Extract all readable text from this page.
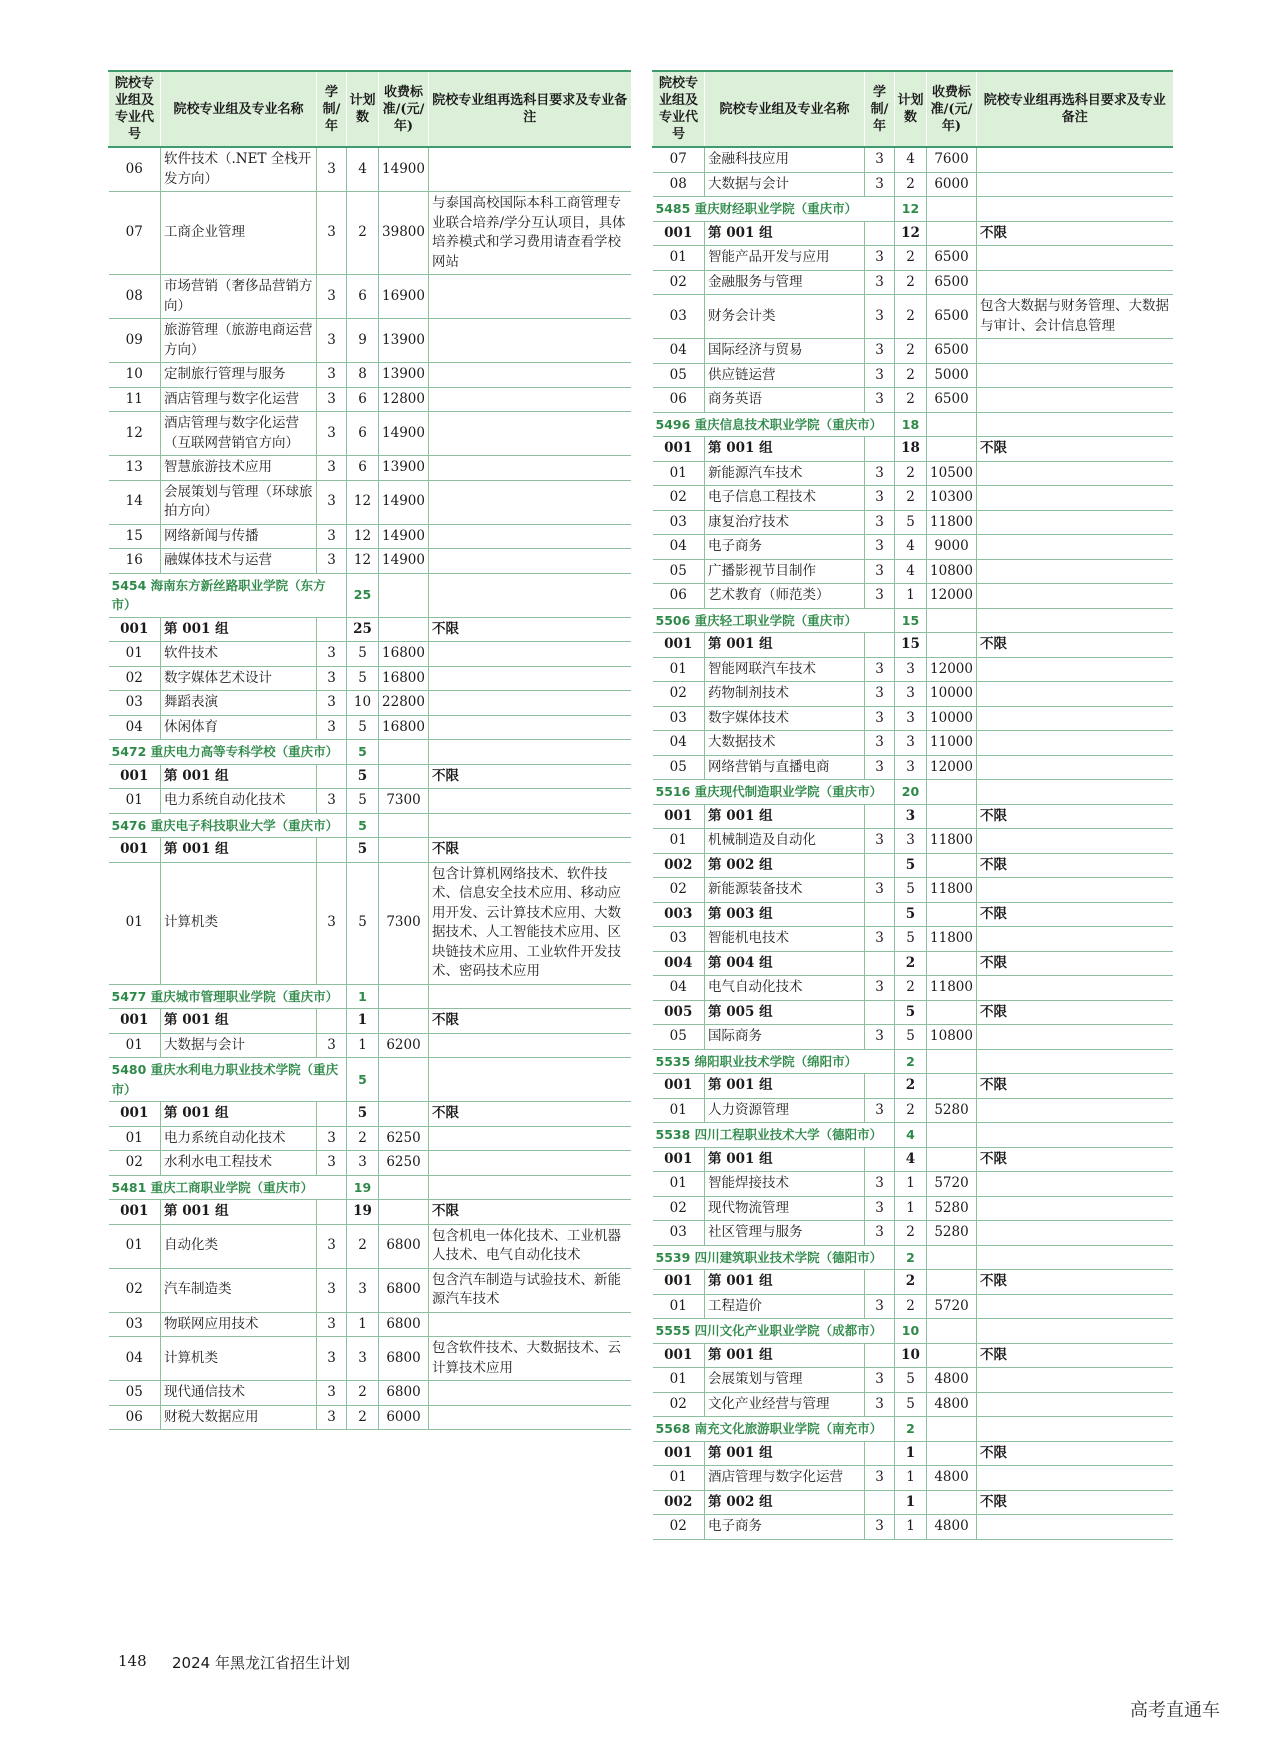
院校专业组及专业代号	院校专业组及专业名称	学制/年	计划数	收费标准/(元/年)	院校专业组再选科目要求及专业备注
06	软件技术（.NET 全栈开发方向）	3	4	14900	
07	工商企业管理	3	2	39800	与泰国高校国际本科工商管理专业联合培养/学分互认项目，具体培养模式和学习费用请查看学校网站
08	市场营销（奢侈品营销方向）	3	6	16900	
09	旅游管理（旅游电商运营方向）	3	9	13900	
10	定制旅行管理与服务	3	8	13900	
11	酒店管理与数字化运营	3	6	12800	
12	酒店管理与数字化运营（互联网营销官方向）	3	6	14900	
13	智慧旅游技术应用	3	6	13900	
14	会展策划与管理（环球旅拍方向）	3	12	14900	
15	网络新闻与传播	3	12	14900	
16	融媒体技术与运营	3	12	14900	
5454 海南东方新丝路职业学院（东方市）			25		
001	第 001 组		25		不限
01	软件技术	3	5	16800	
02	数字媒体艺术设计	3	5	16800	
03	舞蹈表演	3	10	22800	
04	休闲体育	3	5	16800	
5472 重庆电力高等专科学校（重庆市）			5		
001	第 001 组		5		不限
01	电力系统自动化技术	3	5	7300	
5476 重庆电子科技职业大学（重庆市）			5		
001	第 001 组		5		不限
01	计算机类	3	5	7300	包含计算机网络技术、软件技术、信息安全技术应用、移动应用开发、云计算技术应用、大数据技术、人工智能技术应用、区块链技术应用、工业软件开发技术、密码技术应用
5477 重庆城市管理职业学院（重庆市）			1		
001	第 001 组		1		不限
01	大数据与会计	3	1	6200	
5480 重庆水利电力职业技术学院（重庆市）			5		
001	第 001 组		5		不限
01	电力系统自动化技术	3	2	6250	
02	水利水电工程技术	3	3	6250	
5481 重庆工商职业学院（重庆市）			19		
001	第 001 组		19		不限
01	自动化类	3	2	6800	包含机电一体化技术、工业机器人技术、电气自动化技术
02	汽车制造类	3	3	6800	包含汽车制造与试验技术、新能源汽车技术
03	物联网应用技术	3	1	6800	
04	计算机类	3	3	6800	包含软件技术、大数据技术、云计算技术应用
05	现代通信技术	3	2	6800	
06	财税大数据应用	3	2	6000	
院校专业组及专业代号	院校专业组及专业名称	学制/年	计划数	收费标准/(元/年)	院校专业组再选科目要求及专业备注
07	金融科技应用	3	4	7600	
08	大数据与会计	3	2	6000	
5485 重庆财经职业学院（重庆市）			12		
001	第 001 组		12		不限
01	智能产品开发与应用	3	2	6500	
02	金融服务与管理	3	2	6500	
03	财务会计类	3	2	6500	包含大数据与财务管理、大数据与审计、会计信息管理
04	国际经济与贸易	3	2	6500	
05	供应链运营	3	2	5000	
06	商务英语	3	2	6500	
5496 重庆信息技术职业学院（重庆市）			18		
001	第 001 组		18		不限
01	新能源汽车技术	3	2	10500	
02	电子信息工程技术	3	2	10300	
03	康复治疗技术	3	5	11800	
04	电子商务	3	4	9000	
05	广播影视节目制作	3	4	10800	
06	艺术教育（师范类）	3	1	12000	
5506 重庆轻工职业学院（重庆市）			15		
001	第 001 组		15		不限
01	智能网联汽车技术	3	3	12000	
02	药物制剂技术	3	3	10000	
03	数字媒体技术	3	3	10000	
04	大数据技术	3	3	11000	
05	网络营销与直播电商	3	3	12000	
5516 重庆现代制造职业学院（重庆市）			20		
001	第 001 组		3		不限
01	机械制造及自动化	3	3	11800	
002	第 002 组		5		不限
02	新能源装备技术	3	5	11800	
003	第 003 组		5		不限
03	智能机电技术	3	5	11800	
004	第 004 组		2		不限
04	电气自动化技术	3	2	11800	
005	第 005 组		5		不限
05	国际商务	3	5	10800	
5535 绵阳职业技术学院（绵阳市）			2		
001	第 001 组		2		不限
01	人力资源管理	3	2	5280	
5538 四川工程职业技术大学（德阳市）			4		
001	第 001 组		4		不限
01	智能焊接技术	3	1	5720	
02	现代物流管理	3	1	5280	
03	社区管理与服务	3	2	5280	
5539 四川建筑职业技术学院（德阳市）			2		
001	第 001 组		2		不限
01	工程造价	3	2	5720	
5555 四川文化产业职业学院（成都市）			10		
001	第 001 组		10		不限
01	会展策划与管理	3	5	4800	
02	文化产业经营与管理	3	5	4800	
5568 南充文化旅游职业学院（南充市）			2		
001	第 001 组		1		不限
01	酒店管理与数字化运营	3	1	4800	
002	第 002 组		1		不限
02	电子商务	3	1	4800	
148 2024 年黑龙江省招生计划
高考直通车
